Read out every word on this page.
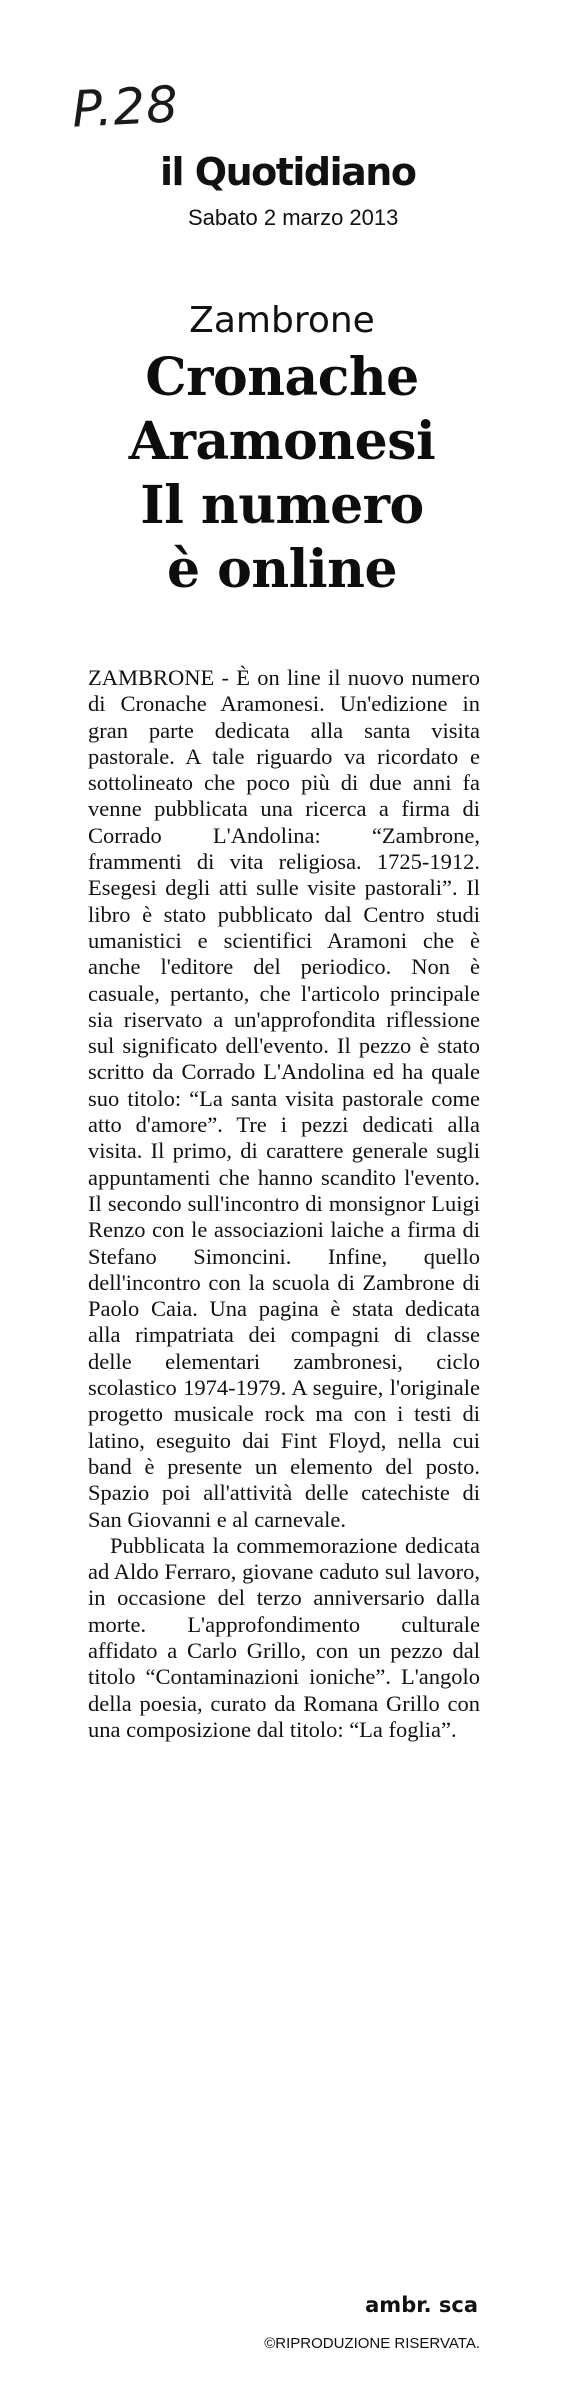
P.28
il Quotidiano
Sabato 2 marzo 2013
Zambrone
Cronache
Aramonesi
Il numero
è online

ZAMBRONE - È on line il nuovo numero di Cronache Aramonesi. Un'edizione in gran parte dedicata alla santa visita pastorale. A tale riguardo va ricordato e sottolineato che poco più di due anni fa venne pubblicata una ricerca a firma di Corrado L'Andolina: “Zambrone, frammenti di vita religiosa. 1725-1912. Esegesi degli atti sulle visite pastorali”. Il libro è stato pubblicato dal Centro studi umanistici e scientifici Aramoni che è anche l'editore del periodico. Non è casuale, pertanto, che l'articolo principale sia riservato a un'approfondita riflessione sul significato dell'evento. Il pezzo è stato scritto da Corrado L'Andolina ed ha quale suo titolo: “La santa visita pastorale come atto d'amore”. Tre i pezzi dedicati alla visita. Il primo, di carattere generale sugli appuntamenti che hanno scandito l'evento. Il secondo sull'incontro di monsignor Luigi Renzo con le associazioni laiche a firma di Stefano Simoncini. Infine, quello dell'incontro con la scuola di Zambrone di Paolo Caia. Una pagina è stata dedicata alla rimpatriata dei compagni di classe delle elementari zambronesi, ciclo scolastico 1974-1979. A seguire, l'originale progetto musicale rock ma con i testi di latino, eseguito dai Fint Floyd, nella cui band è presente un elemento del posto. Spazio poi all'attività delle catechiste di San Giovanni e al carnevale.

Pubblicata la commemorazione dedicata ad Aldo Ferraro, giovane caduto sul lavoro, in occasione del terzo anniversario dalla morte. L'approfondimento culturale affidato a Carlo Grillo, con un pezzo dal titolo “Contaminazioni ioniche”. L'angolo della poesia, curato da Romana Grillo con una composizione dal titolo: “La foglia”.

ambr. sca
©RIPRODUZIONE RISERVATA.
